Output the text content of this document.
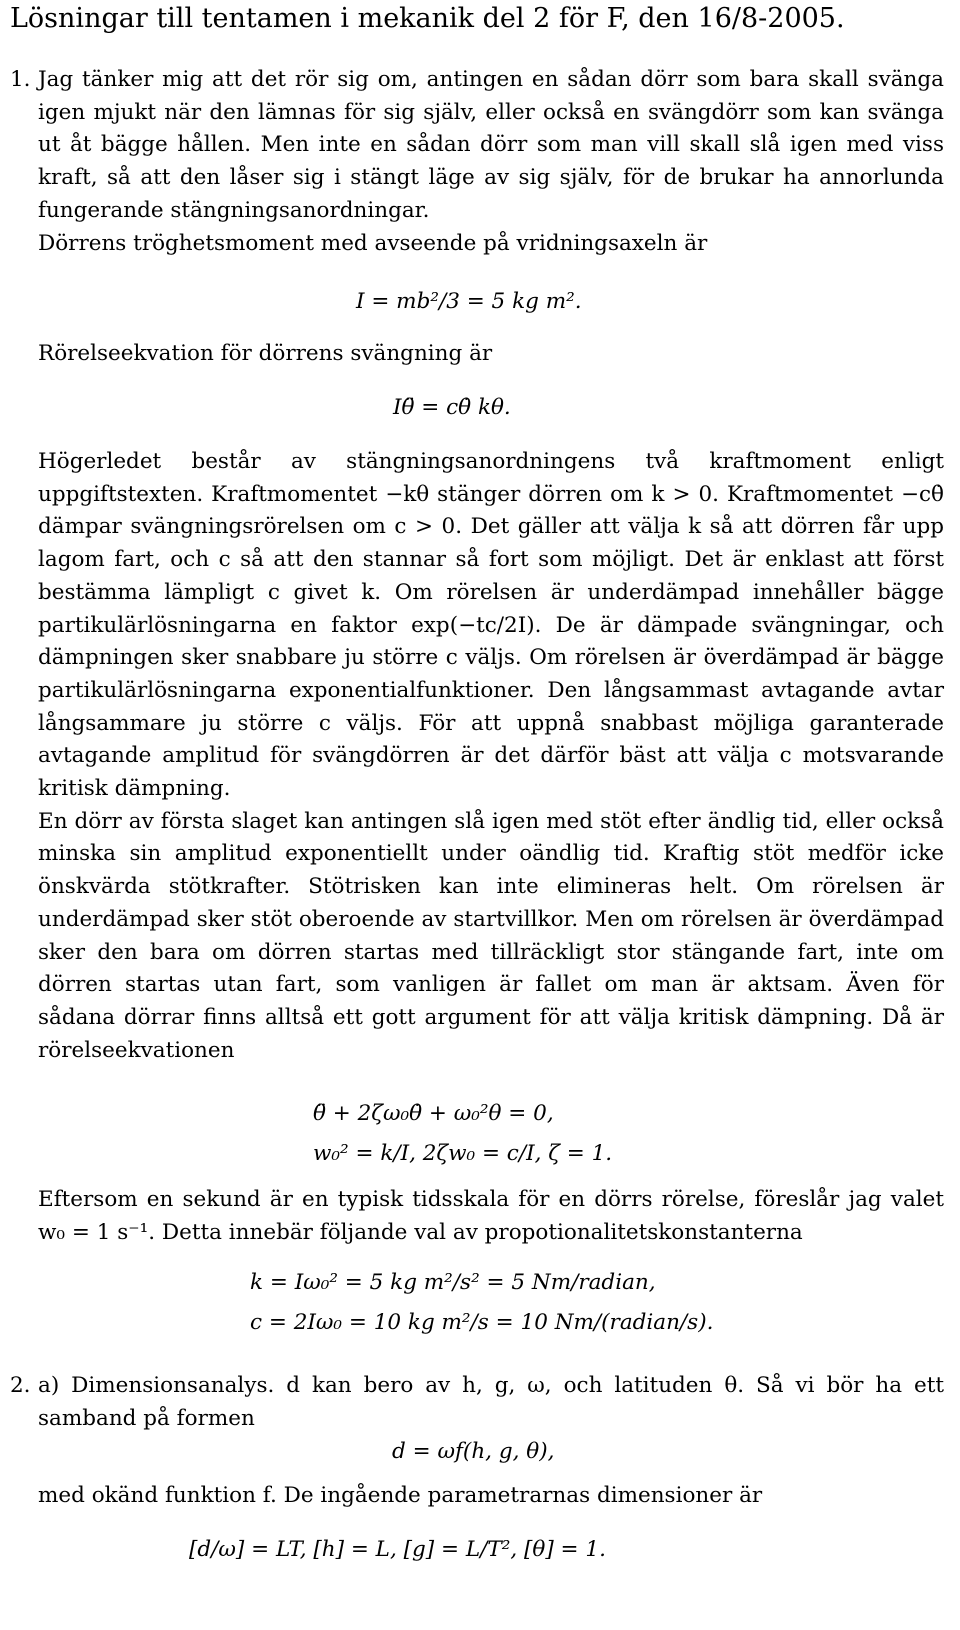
Lösningar till tentamen i mekanik del 2 för F, den 16/8-2005.
1. Jag tänker mig att det rör sig om, antingen en sådan dörr som bara skall svänga igen mjukt när den lämnas för sig själv, eller också en svängdörr som kan svänga ut åt bägge hållen. Men inte en sådan dörr som man vill skall slå igen med viss kraft, så att den låser sig i stängt läge av sig själv, för de brukar ha annorlunda fungerande stängningsanordningar.

Dörrens tröghetsmoment med avseende på vridningsaxeln är

I = mb²/3 = 5 kg m².

Rörelseekvation för dörrens svängning är

Iθ̈ = cθ̇ kθ.

Högerledet består av stängningsanordningens två kraftmoment enligt uppgiftstexten. Kraftmomentet −kθ stänger dörren om k > 0. Kraftmomentet −cθ̇ dämpar svängningsrörelsen om c > 0. Det gäller att välja k så att dörren får upp lagom fart, och c så att den stannar så fort som möjligt. Det är enklast att först bestämma lämpligt c givet k. Om rörelsen är underdämpad innehåller bägge partikulärlösningarna en faktor exp(−tc/2I). De är dämpade svängningar, och dämpningen sker snabbare ju större c väljs. Om rörelsen är överdämpad är bägge partikulärlösningarna exponentialfunktioner. Den långsammast avtagande avtar långsammare ju större c väljs. För att uppnå snabbast möjliga garanterade avtagande amplitud för svängdörren är det därför bäst att välja c motsvarande kritisk dämpning.

En dörr av första slaget kan antingen slå igen med stöt efter ändlig tid, eller också minska sin amplitud exponentiellt under oändlig tid. Kraftig stöt medför icke önskvärda stötkrafter. Stötrisken kan inte elimineras helt. Om rörelsen är underdämpad sker stöt oberoende av startvillkor. Men om rörelsen är överdämpad sker den bara om dörren startas med tillräckligt stor stängande fart, inte om dörren startas utan fart, som vanligen är fallet om man är aktsam. Även för sådana dörrar finns alltså ett gott argument för att välja kritisk dämpning. Då är rörelseekvationen

θ̈ + 2ζω₀θ̇ + ω₀²θ = 0,
w₀² = k/I, 2ζw₀ = c/I, ζ = 1.

Eftersom en sekund är en typisk tidsskala för en dörrs rörelse, föreslår jag valet w₀ = 1 s⁻¹. Detta innebär följande val av propotionalitetskonstanterna

k = Iω₀² = 5 kg m²/s² = 5 Nm/radian,
c = 2Iω₀ = 10 kg m²/s = 10 Nm/(radian/s).
2. a) Dimensionsanalys. d kan bero av h, g, ω, och latituden θ. Så vi bör ha ett samband på formen

d = ωf(h, g, θ),

med okänd funktion f. De ingående parametrarnas dimensioner är

[d/ω] = LT, [h] = L, [g] = L/T², [θ] = 1.
